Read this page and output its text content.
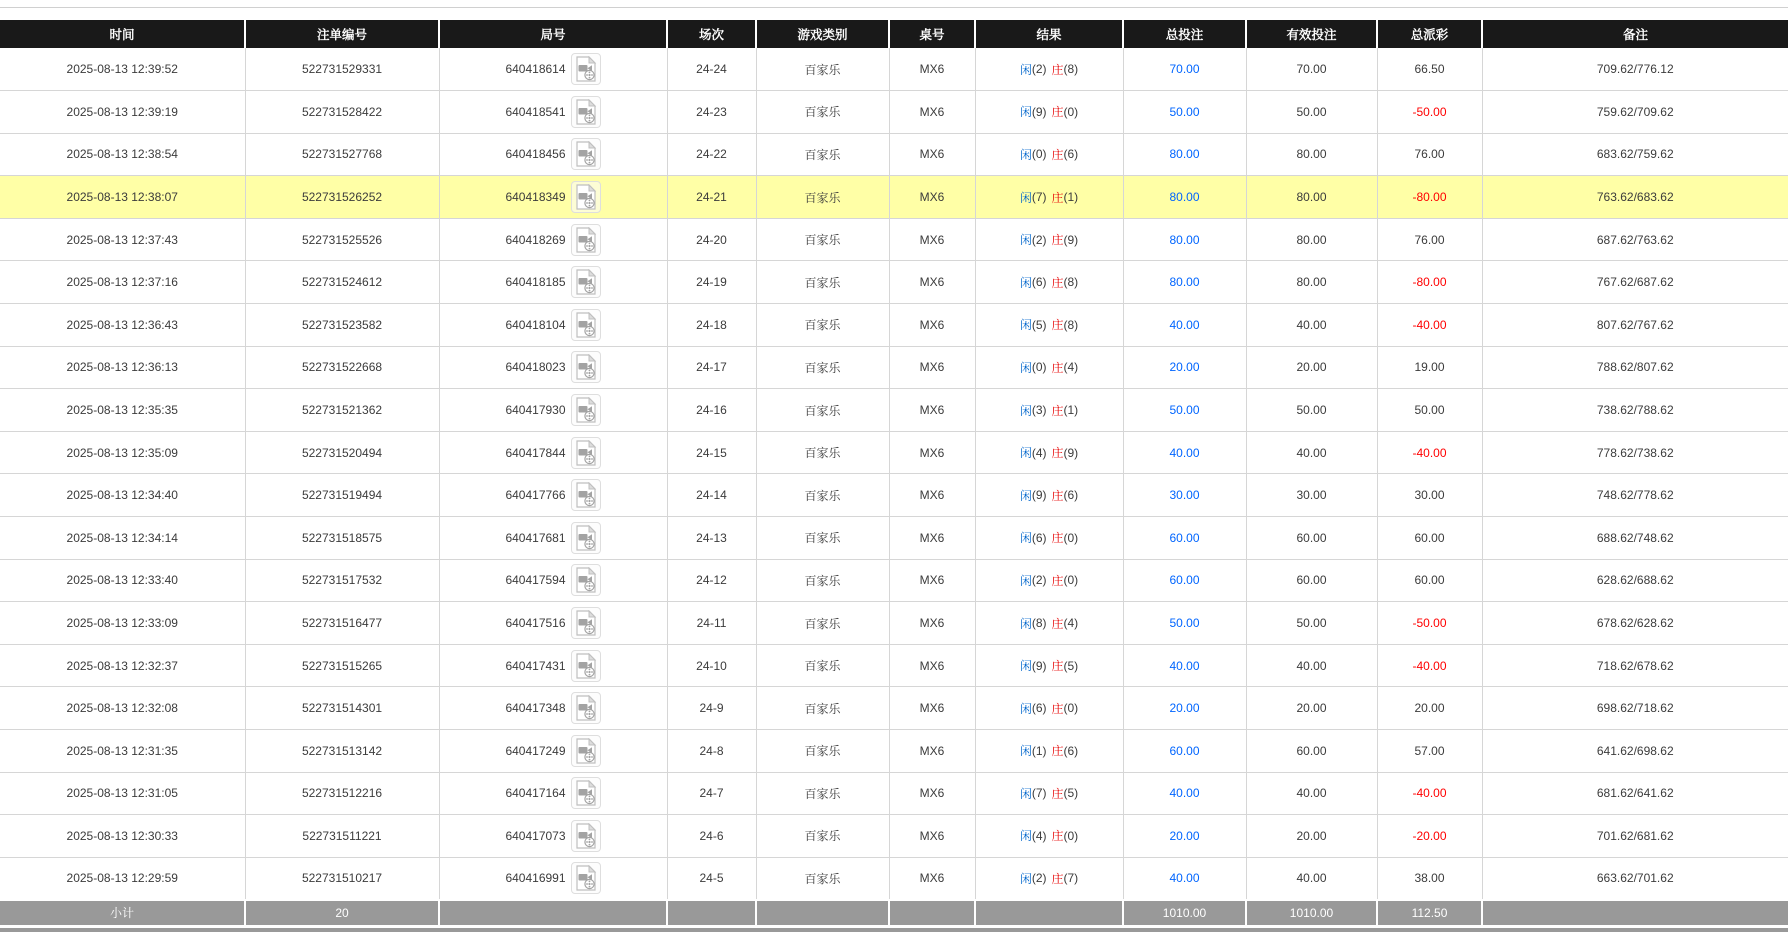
时间	注单编号	局号	场次	游戏类别	桌号	结果	总投注	有效投注	总派彩	备注
2025-08-13 12:39:52	522731529331	640418614	24-24	百家乐	MX6	闲 (2) 庄 (8)	70.00	70.00	66.50	709.62/776.12
2025-08-13 12:39:19	522731528422	640418541	24-23	百家乐	MX6	闲 (9) 庄 (0)	50.00	50.00	-50.00	759.62/709.62
2025-08-13 12:38:54	522731527768	640418456	24-22	百家乐	MX6	闲 (0) 庄 (6)	80.00	80.00	76.00	683.62/759.62
2025-08-13 12:38:07	522731526252	640418349	24-21	百家乐	MX6	闲 (7) 庄 (1)	80.00	80.00	-80.00	763.62/683.62
2025-08-13 12:37:43	522731525526	640418269	24-20	百家乐	MX6	闲 (2) 庄 (9)	80.00	80.00	76.00	687.62/763.62
2025-08-13 12:37:16	522731524612	640418185	24-19	百家乐	MX6	闲 (6) 庄 (8)	80.00	80.00	-80.00	767.62/687.62
2025-08-13 12:36:43	522731523582	640418104	24-18	百家乐	MX6	闲 (5) 庄 (8)	40.00	40.00	-40.00	807.62/767.62
2025-08-13 12:36:13	522731522668	640418023	24-17	百家乐	MX6	闲 (0) 庄 (4)	20.00	20.00	19.00	788.62/807.62
2025-08-13 12:35:35	522731521362	640417930	24-16	百家乐	MX6	闲 (3) 庄 (1)	50.00	50.00	50.00	738.62/788.62
2025-08-13 12:35:09	522731520494	640417844	24-15	百家乐	MX6	闲 (4) 庄 (9)	40.00	40.00	-40.00	778.62/738.62
2025-08-13 12:34:40	522731519494	640417766	24-14	百家乐	MX6	闲 (9) 庄 (6)	30.00	30.00	30.00	748.62/778.62
2025-08-13 12:34:14	522731518575	640417681	24-13	百家乐	MX6	闲 (6) 庄 (0)	60.00	60.00	60.00	688.62/748.62
2025-08-13 12:33:40	522731517532	640417594	24-12	百家乐	MX6	闲 (2) 庄 (0)	60.00	60.00	60.00	628.62/688.62
2025-08-13 12:33:09	522731516477	640417516	24-11	百家乐	MX6	闲 (8) 庄 (4)	50.00	50.00	-50.00	678.62/628.62
2025-08-13 12:32:37	522731515265	640417431	24-10	百家乐	MX6	闲 (9) 庄 (5)	40.00	40.00	-40.00	718.62/678.62
2025-08-13 12:32:08	522731514301	640417348	24-9	百家乐	MX6	闲 (6) 庄 (0)	20.00	20.00	20.00	698.62/718.62
2025-08-13 12:31:35	522731513142	640417249	24-8	百家乐	MX6	闲 (1) 庄 (6)	60.00	60.00	57.00	641.62/698.62
2025-08-13 12:31:05	522731512216	640417164	24-7	百家乐	MX6	闲 (7) 庄 (5)	40.00	40.00	-40.00	681.62/641.62
2025-08-13 12:30:33	522731511221	640417073	24-6	百家乐	MX6	闲 (4) 庄 (0)	20.00	20.00	-20.00	701.62/681.62
2025-08-13 12:29:59	522731510217	640416991	24-5	百家乐	MX6	闲 (2) 庄 (7)	40.00	40.00	38.00	663.62/701.62
小计	20						1010.00	1010.00	112.50	
